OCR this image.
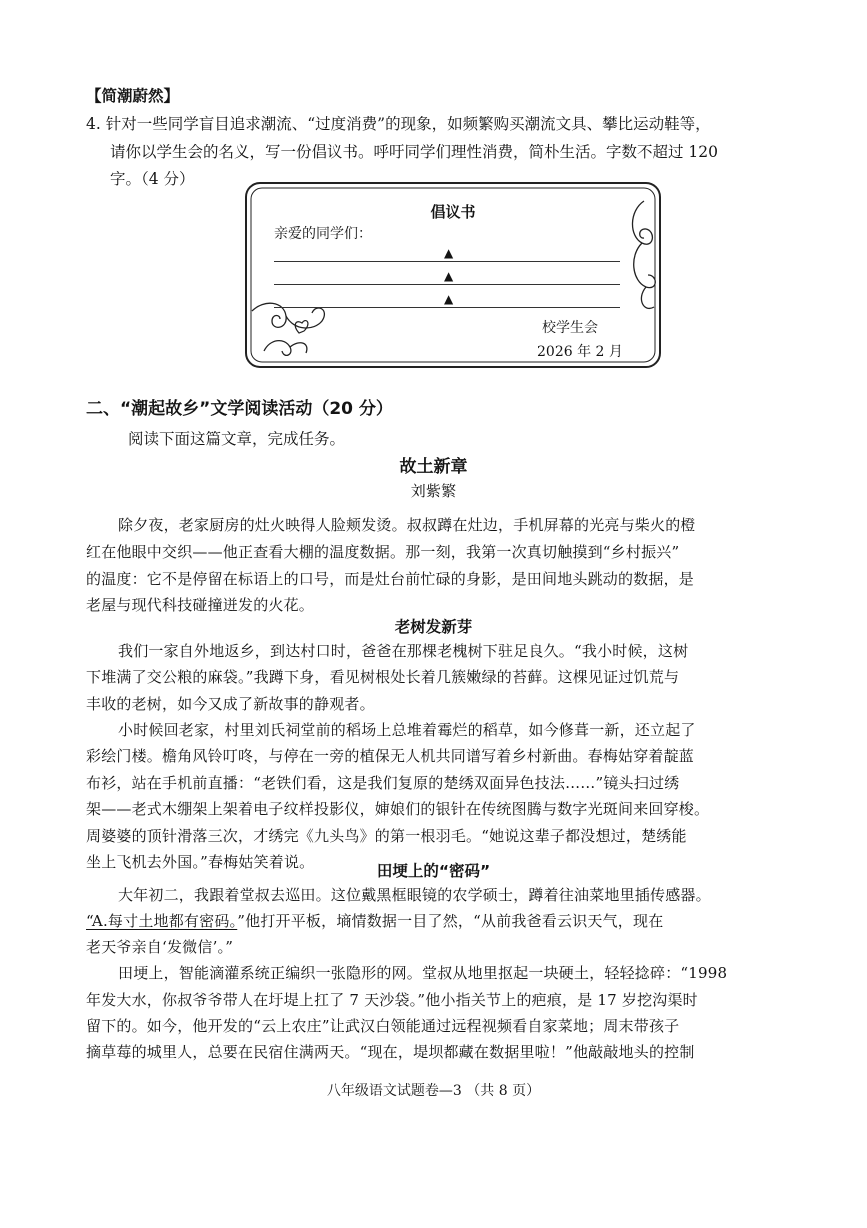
【简潮蔚然】
4. 针对一些同学盲目追求潮流、“过度消费”的现象，如频繁购买潮流文具、攀比运动鞋等，
请你以学生会的名义，写一份倡议书。呼吁同学们理性消费，简朴生活。字数不超过 120
字。（4 分）
倡议书
亲爱的同学们：
▲
▲
▲
校学生会
2026 年 2 月
二、“潮起故乡”文学阅读活动（20 分）
阅读下面这篇文章，完成任务。
故土新章
刘紫繁
除夕夜，老家厨房的灶火映得人脸颊发烫。叔叔蹲在灶边，手机屏幕的光亮与柴火的橙
红在他眼中交织——他正查看大棚的温度数据。那一刻，我第一次真切触摸到“乡村振兴”
的温度：它不是停留在标语上的口号，而是灶台前忙碌的身影，是田间地头跳动的数据，是
老屋与现代科技碰撞迸发的火花。
老树发新芽
我们一家自外地返乡，到达村口时，爸爸在那棵老槐树下驻足良久。“我小时候，这树
下堆满了交公粮的麻袋。”我蹲下身，看见树根处长着几簇嫩绿的苔藓。这棵见证过饥荒与
丰收的老树，如今又成了新故事的静观者。
小时候回老家，村里刘氏祠堂前的稻场上总堆着霉烂的稻草，如今修葺一新，还立起了
彩绘门楼。檐角风铃叮咚，与停在一旁的植保无人机共同谱写着乡村新曲。春梅姑穿着靛蓝
布衫，站在手机前直播：“老铁们看，这是我们复原的楚绣双面异色技法……”镜头扫过绣
架——老式木绷架上架着电子纹样投影仪，婶娘们的银针在传统图腾与数字光斑间来回穿梭。
周婆婆的顶针滑落三次，才绣完《九头鸟》的第一根羽毛。“她说这辈子都没想过，楚绣能
坐上飞机去外国。”春梅姑笑着说。	田埂上的“密码”
大年初二，我跟着堂叔去巡田。这位戴黑框眼镜的农学硕士，蹲着往油菜地里插传感器。
“A.每寸土地都有密码。”他打开平板，墒情数据一目了然，“从前我爸看云识天气，现在
老天爷亲自‘发微信’。”
田埂上，智能滴灌系统正编织一张隐形的网。堂叔从地里抠起一块硬土，轻轻捻碎：“1998
年发大水，你叔爷爷带人在圩堤上扛了 7 天沙袋。”他小指关节上的疤痕，是 17 岁挖沟渠时
留下的。如今，他开发的“云上农庄”让武汉白领能通过远程视频看自家菜地；周末带孩子
摘草莓的城里人，总要在民宿住满两天。“现在，堤坝都藏在数据里啦！”他敲敲地头的控制
八年级语文试题卷—3 （共 8 页）
